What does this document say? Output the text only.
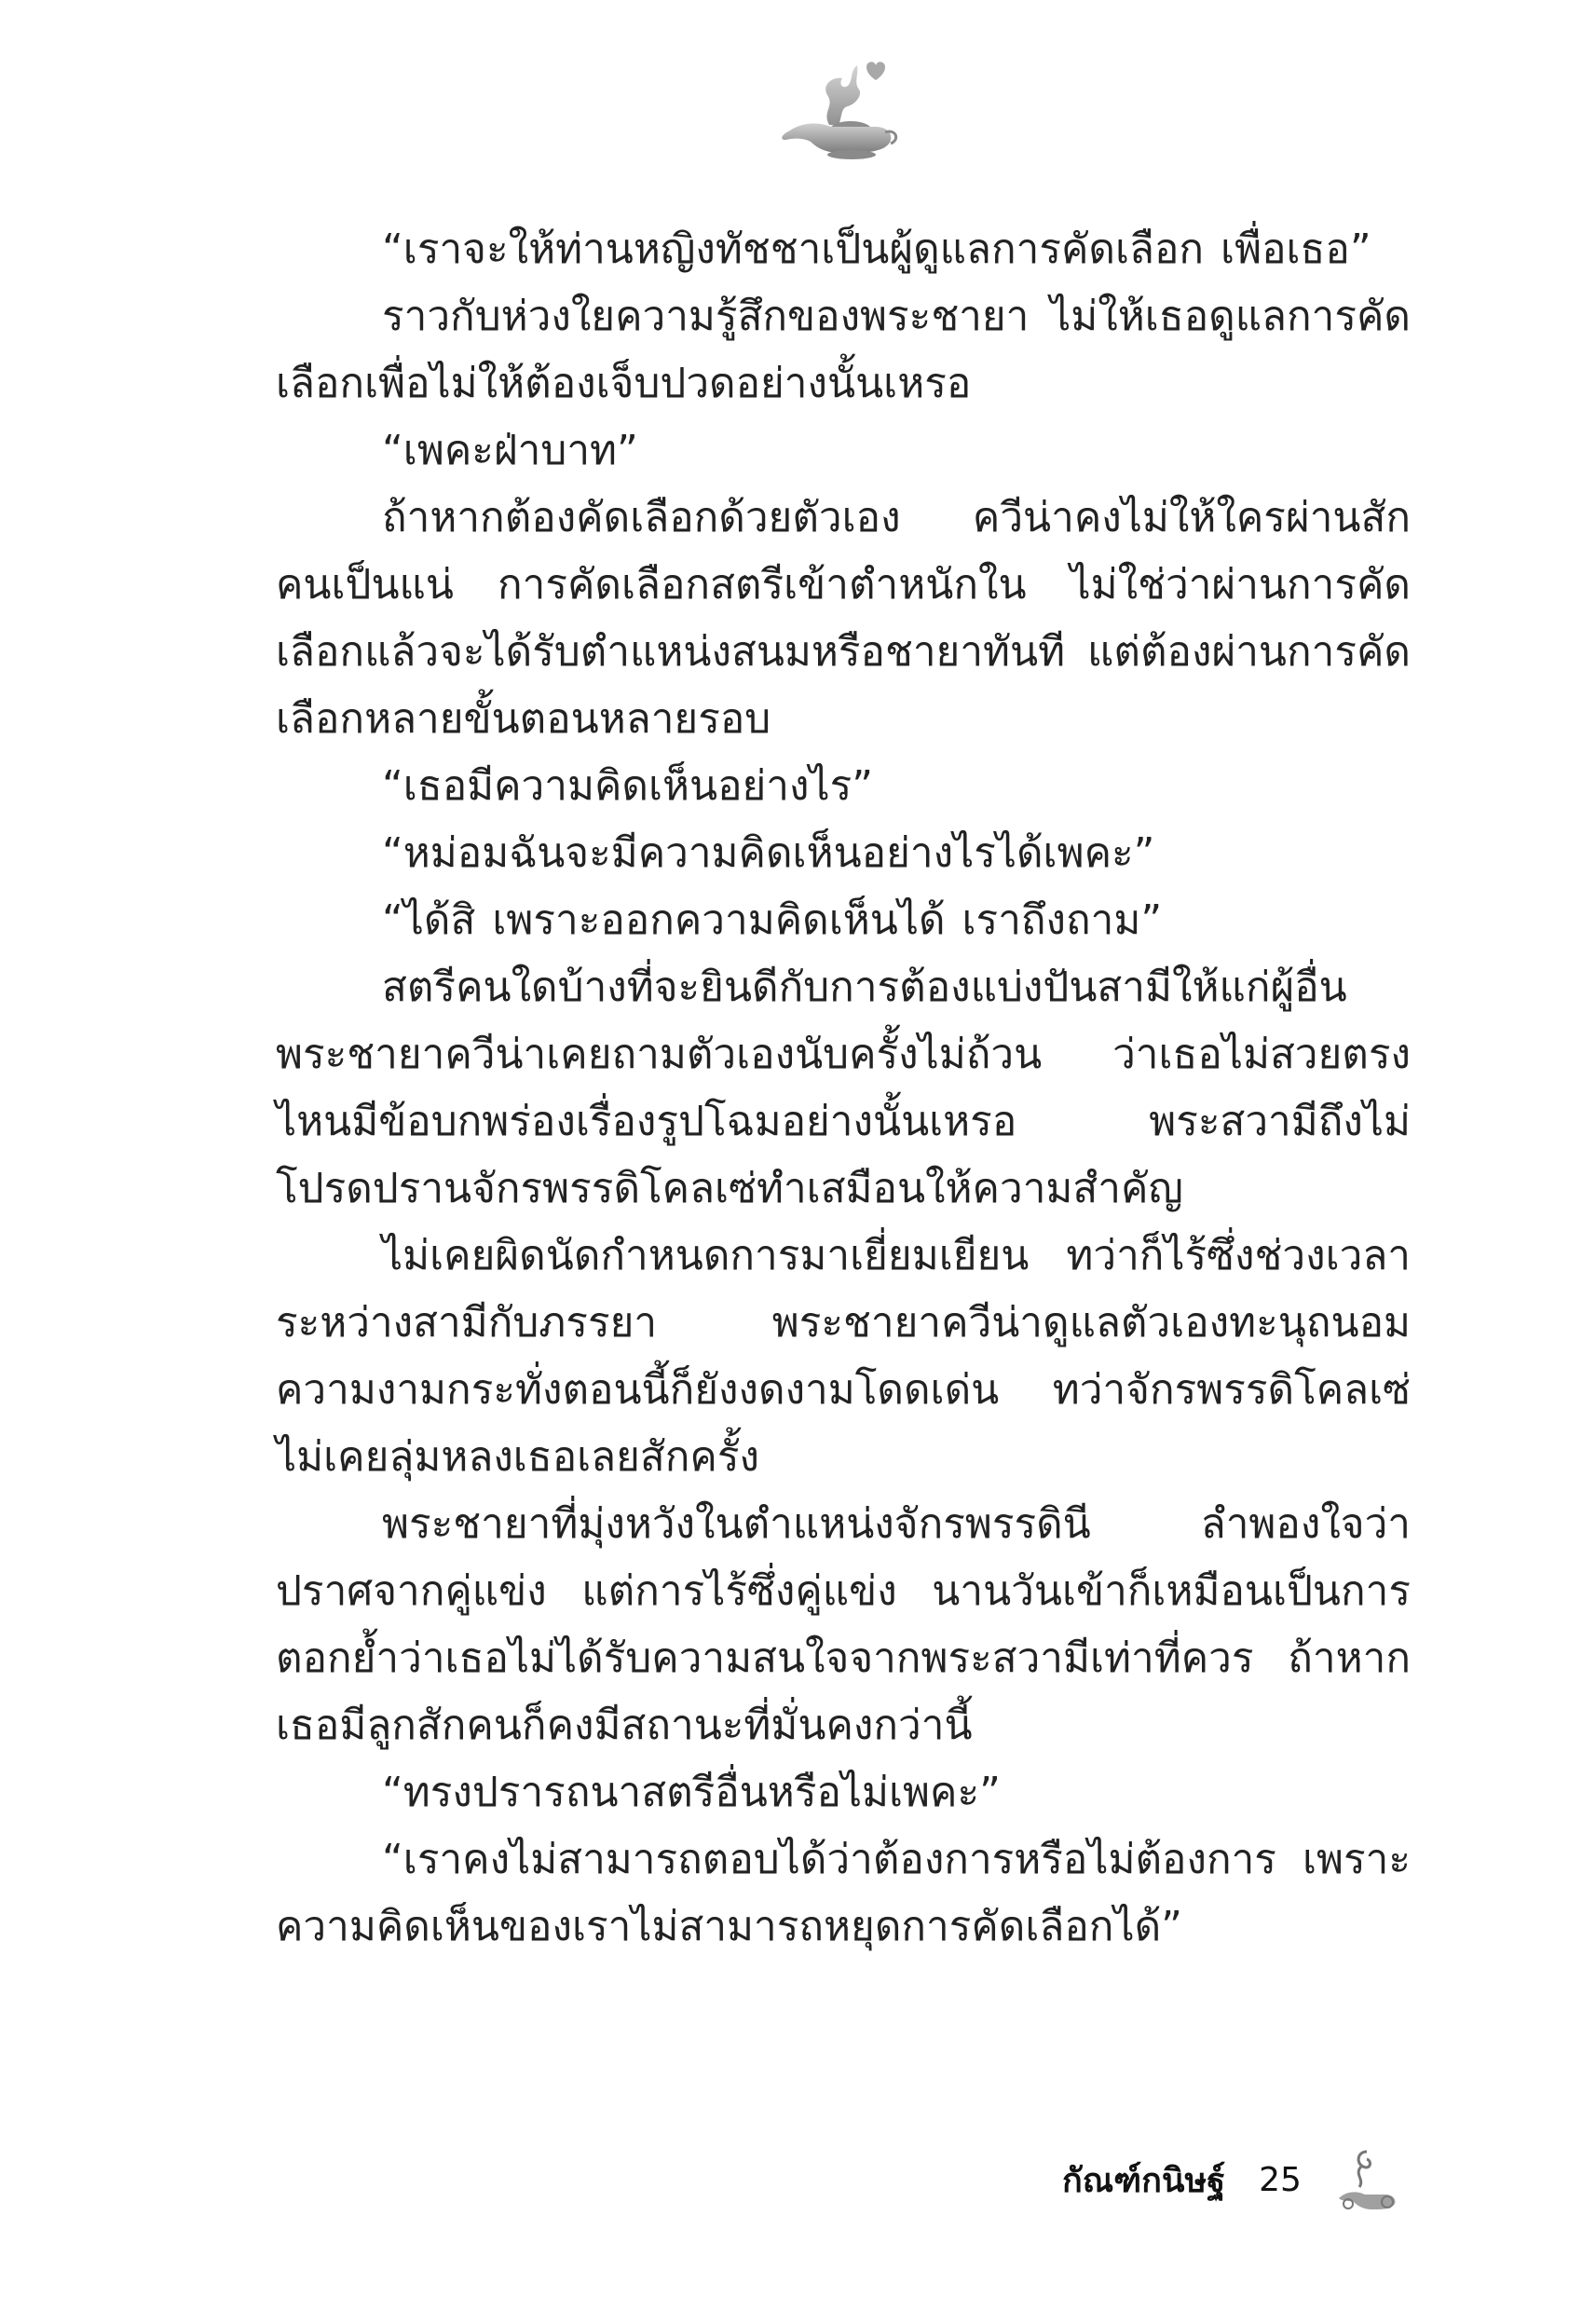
“เราจะให้ท่านหญิงทัชชาเป็นผู้ดูแลการคัดเลือก เพื่อเธอ”

ราวกับห่วงใยความรู้สึกของพระชายา ไม่ให้เธอดูแลการคัดเลือกเพื่อไม่ให้ต้องเจ็บปวดอย่างนั้นเหรอ

“เพคะฝ่าบาท”

ถ้าหากต้องคัดเลือกด้วยตัวเอง ควีน่าคงไม่ให้ใครผ่านสักคนเป็นแน่ การคัดเลือกสตรีเข้าตำหนักใน ไม่ใช่ว่าผ่านการคัดเลือกแล้วจะได้รับตำแหน่งสนมหรือชายาทันที แต่ต้องผ่านการคัดเลือกหลายขั้นตอนหลายรอบ

“เธอมีความคิดเห็นอย่างไร”

“หม่อมฉันจะมีความคิดเห็นอย่างไรได้เพคะ”

“ได้สิ เพราะออกความคิดเห็นได้ เราถึงถาม”

สตรีคนใดบ้างที่จะยินดีกับการต้องแบ่งปันสามีให้แก่ผู้อื่นพระชายาควีน่าเคยถามตัวเองนับครั้งไม่ถ้วน ว่าเธอไม่สวยตรงไหนมีข้อบกพร่องเรื่องรูปโฉมอย่างนั้นเหรอ พระสวามีถึงไม่โปรดปรานจักรพรรดิโคลเซ่ทำเสมือนให้ความสำคัญ

ไม่เคยผิดนัดกำหนดการมาเยี่ยมเยียน ทว่าก็ไร้ซึ่งช่วงเวลาระหว่างสามีกับภรรยา พระชายาควีน่าดูแลตัวเองทะนุถนอมความงามกระทั่งตอนนี้ก็ยังงดงามโดดเด่น ทว่าจักรพรรดิโคลเซ่ไม่เคยลุ่มหลงเธอเลยสักครั้ง

พระชายาที่มุ่งหวังในตำแหน่งจักรพรรดินี ลำพองใจว่าปราศจากคู่แข่ง แต่การไร้ซึ่งคู่แข่ง นานวันเข้าก็เหมือนเป็นการตอกย้ำว่าเธอไม่ได้รับความสนใจจากพระสวามีเท่าที่ควร ถ้าหากเธอมีลูกสักคนก็คงมีสถานะที่มั่นคงกว่านี้

“ทรงปรารถนาสตรีอื่นหรือไม่เพคะ”

“เราคงไม่สามารถตอบได้ว่าต้องการหรือไม่ต้องการ เพราะความคิดเห็นของเราไม่สามารถหยุดการคัดเลือกได้”

กัณฑ์กนิษฐ์ 25
